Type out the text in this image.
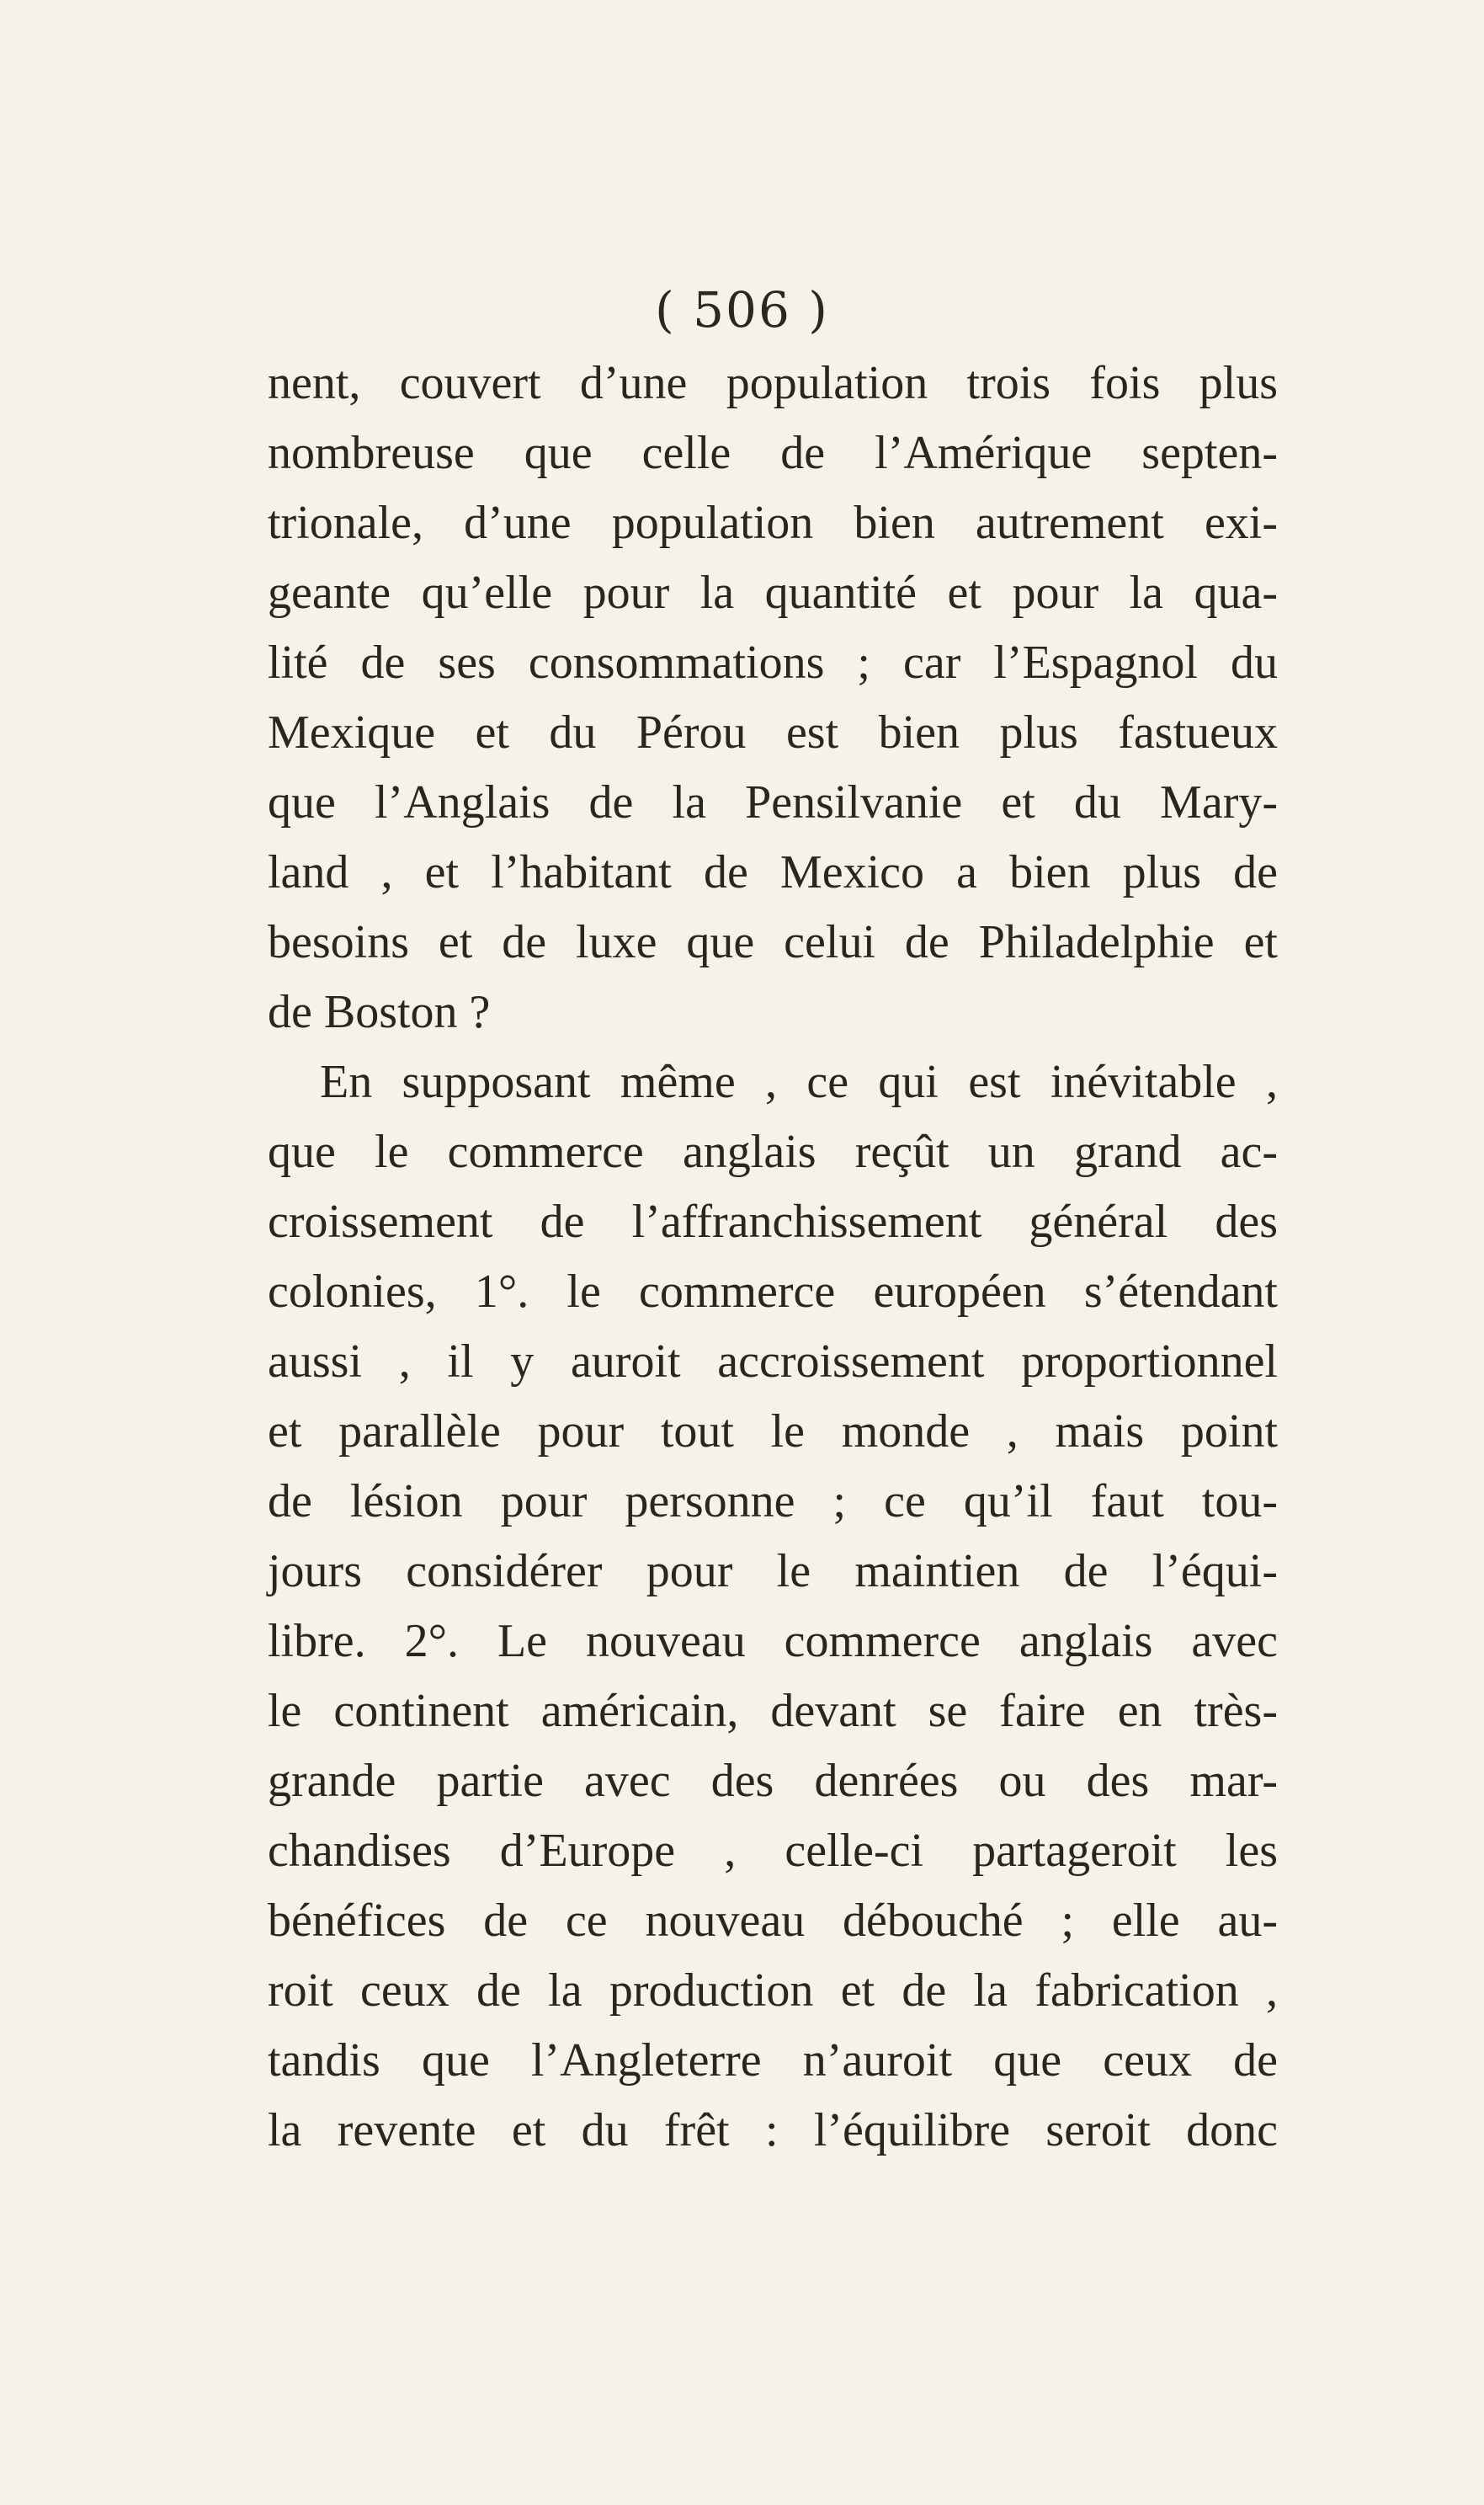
( 506 )
nent, couvert d’une population trois fois plus
nombreuse que celle de l’Amérique septen-
trionale, d’une population bien autrement exi-
geante qu’elle pour la quantité et pour la qua-
lité de ses consommations ; car l’Espagnol du
Mexique et du Pérou est bien plus fastueux
que l’Anglais de la Pensilvanie et du Mary-
land , et l’habitant de Mexico a bien plus de
besoins et de luxe que celui de Philadelphie et
de Boston ?
En supposant même , ce qui est inévitable ,
que le commerce anglais reçût un grand ac-
croissement de l’affranchissement général des
colonies, 1°. le commerce européen s’étendant
aussi , il y auroit accroissement proportionnel
et parallèle pour tout le monde , mais point
de lésion pour personne ; ce qu’il faut tou-
jours considérer pour le maintien de l’équi-
libre. 2°. Le nouveau commerce anglais avec
le continent américain, devant se faire en très-
grande partie avec des denrées ou des mar-
chandises d’Europe , celle-ci partageroit les
bénéfices de ce nouveau débouché ; elle au-
roit ceux de la production et de la fabrication ,
tandis que l’Angleterre n’auroit que ceux de
la revente et du frêt : l’équilibre seroit donc
